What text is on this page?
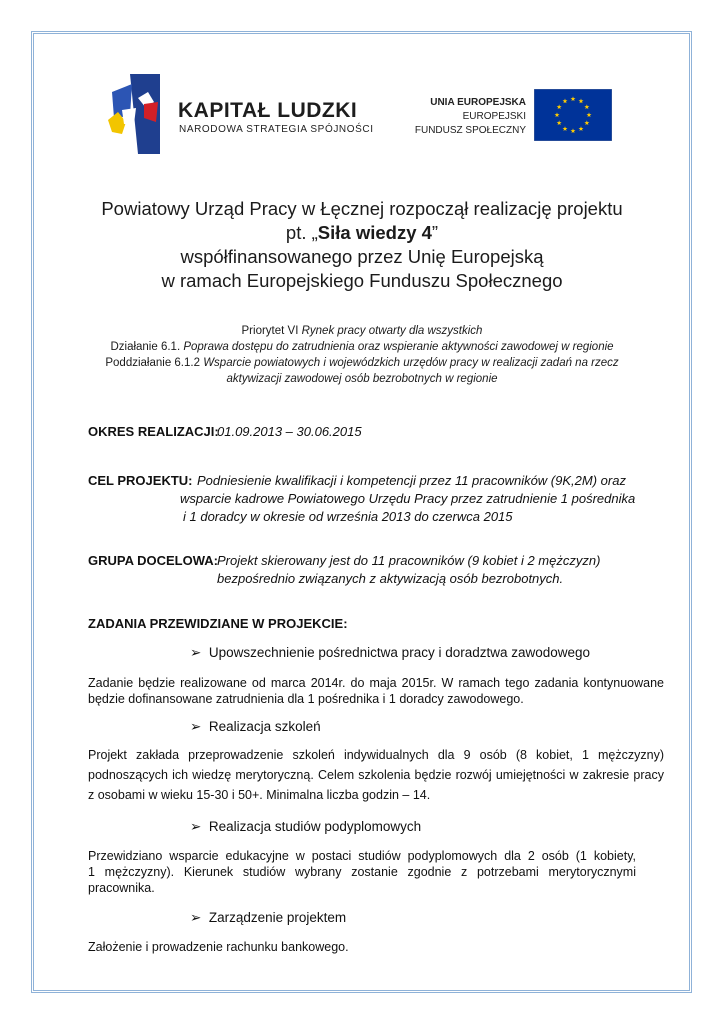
KAPITAŁ LUDZKI
NARODOWA STRATEGIA SPÓJNOŚCI
UNIA EUROPEJSKA
EUROPEJSKI
FUNDUSZ SPOŁECZNY
Powiatowy Urząd Pracy w Łęcznej rozpoczął realizację projektu
pt. „Siła wiedzy 4”
współfinansowanego przez Unię Europejską
w ramach Europejskiego Funduszu Społecznego
Priorytet VI Rynek pracy otwarty dla wszystkich
Działanie 6.1. Poprawa dostępu do zatrudnienia oraz wspieranie aktywności zawodowej w regionie
Poddziałanie 6.1.2 Wsparcie powiatowych i wojewódzkich urzędów pracy w realizacji zadań na rzecz
aktywizacji zawodowej osób bezrobotnych w regionie
OKRES REALIZACJI:
01.09.2013 – 30.06.2015
CEL PROJEKTU: Podniesienie kwalifikacji i kompetencji przez 11 pracowników (9K,2M) oraz
wsparcie kadrowe Powiatowego Urzędu Pracy przez zatrudnienie 1 pośrednika
i 1 doradcy w okresie od września 2013 do czerwca 2015
GRUPA DOCELOWA: Projekt skierowany jest do 11 pracowników (9 kobiet i 2 mężczyzn)
bezpośrednio związanych z aktywizacją osób bezrobotnych.
ZADANIA PRZEWIDZIANE W PROJEKCIE:
➢ Upowszechnienie pośrednictwa pracy i doradztwa zawodowego
Zadanie będzie realizowane od marca 2014r. do maja 2015r. W ramach tego zadania kontynuowane
będzie dofinansowane zatrudnienia dla 1 pośrednika i 1 doradcy zawodowego.
➢ Realizacja szkoleń
Projekt zakłada przeprowadzenie szkoleń indywidualnych dla 9 osób (8 kobiet, 1 mężczyzny)
podnoszących ich wiedzę merytoryczną. Celem szkolenia będzie rozwój umiejętności w zakresie pracy
z osobami w wieku 15-30 i 50+. Minimalna liczba godzin – 14.
➢ Realizacja studiów podyplomowych
Przewidziano wsparcie edukacyjne w postaci studiów podyplomowych dla 2 osób (1 kobiety,
1 mężczyzny). Kierunek studiów wybrany zostanie zgodnie z potrzebami merytorycznymi
pracownika.
➢ Zarządzenie projektem
Założenie i prowadzenie rachunku bankowego.
